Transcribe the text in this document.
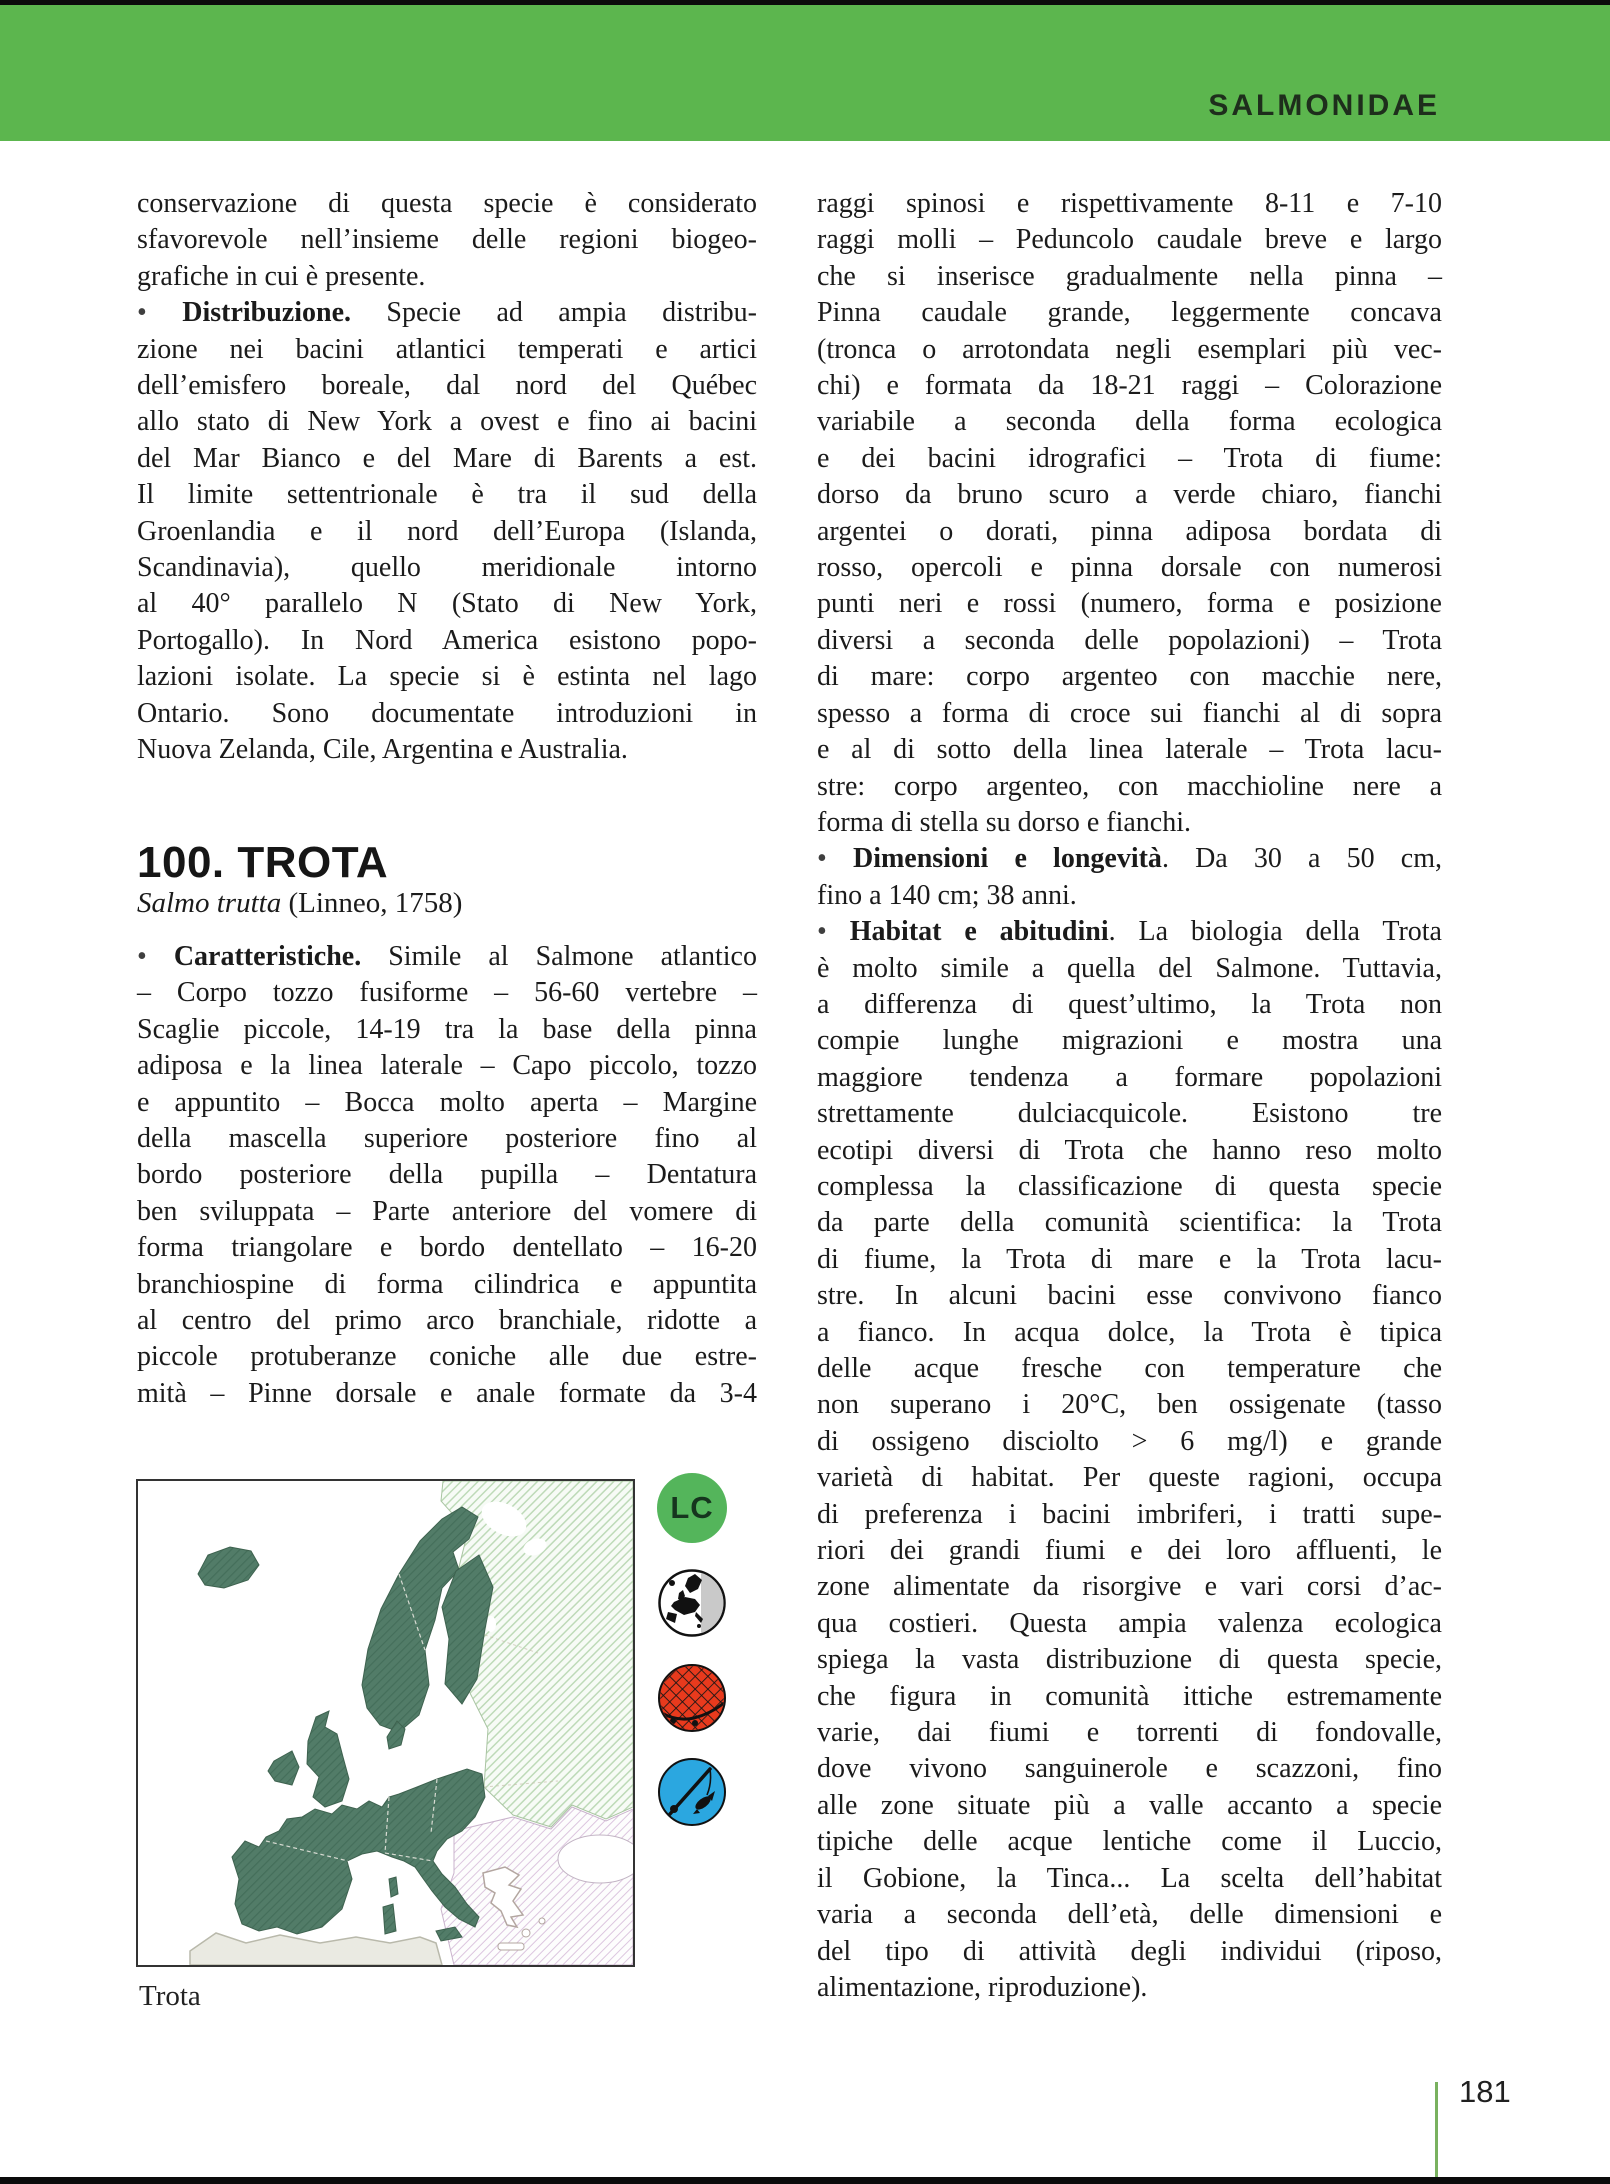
SALMONIDAE
conservazione di questa specie è considerato
sfavorevole nell’insieme delle regioni biogeo-
grafiche in cui è presente.
• Distribuzione. Specie ad ampia distribu-
zione nei bacini atlantici temperati e artici
dell’emisfero boreale, dal nord del Québec
allo stato di New York a ovest e fino ai bacini
del Mar Bianco e del Mare di Barents a est.
Il limite settentrionale è tra il sud della
Groenlandia e il nord dell’Europa (Islanda,
Scandinavia), quello meridionale intorno
al 40° parallelo N (Stato di New York,
Portogallo). In Nord America esistono popo-
lazioni isolate. La specie si è estinta nel lago
Ontario. Sono documentate introduzioni in
Nuova Zelanda, Cile, Argentina e Australia.
100. TROTA
Salmo trutta (Linneo, 1758)
• Caratteristiche. Simile al Salmone atlantico
– Corpo tozzo fusiforme – 56-60 vertebre –
Scaglie piccole, 14-19 tra la base della pinna
adiposa e la linea laterale – Capo piccolo, tozzo
e appuntito – Bocca molto aperta – Margine
della mascella superiore posteriore fino al
bordo posteriore della pupilla – Dentatura
ben sviluppata – Parte anteriore del vomere di
forma triangolare e bordo dentellato – 16-20
branchiospine di forma cilindrica e appuntita
al centro del primo arco branchiale, ridotte a
piccole protuberanze coniche alle due estre-
mità – Pinne dorsale e anale formate da 3-4
raggi spinosi e rispettivamente 8-11 e 7-10
raggi molli – Peduncolo caudale breve e largo
che si inserisce gradualmente nella pinna –
Pinna caudale grande, leggermente concava
(tronca o arrotondata negli esemplari più vec-
chi) e formata da 18-21 raggi – Colorazione
variabile a seconda della forma ecologica
e dei bacini idrografici – Trota di fiume:
dorso da bruno scuro a verde chiaro, fianchi
argentei o dorati, pinna adiposa bordata di
rosso, opercoli e pinna dorsale con numerosi
punti neri e rossi (numero, forma e posizione
diversi a seconda delle popolazioni) – Trota
di mare: corpo argenteo con macchie nere,
spesso a forma di croce sui fianchi al di sopra
e al di sotto della linea laterale – Trota lacu-
stre: corpo argenteo, con macchioline nere a
forma di stella su dorso e fianchi.
• Dimensioni e longevità. Da 30 a 50 cm,
fino a 140 cm; 38 anni.
• Habitat e abitudini. La biologia della Trota
è molto simile a quella del Salmone. Tuttavia,
a differenza di quest’ultimo, la Trota non
compie lunghe migrazioni e mostra una
maggiore tendenza a formare popolazioni
strettamente dulciacquicole. Esistono tre
ecotipi diversi di Trota che hanno reso molto
complessa la classificazione di questa specie
da parte della comunità scientifica: la Trota
di fiume, la Trota di mare e la Trota lacu-
stre. In alcuni bacini esse convivono fianco
a fianco. In acqua dolce, la Trota è tipica
delle acque fresche con temperature che
non superano i 20°C, ben ossigenate (tasso
di ossigeno disciolto > 6 mg/l) e grande
varietà di habitat. Per queste ragioni, occupa
di preferenza i bacini imbriferi, i tratti supe-
riori dei grandi fiumi e dei loro affluenti, le
zone alimentate da risorgive e vari corsi d’ac-
qua costieri. Questa ampia valenza ecologica
spiega la vasta distribuzione di questa specie,
che figura in comunità ittiche estremamente
varie, dai fiumi e torrenti di fondovalle,
dove vivono sanguinerole e scazzoni, fino
alle zone situate più a valle accanto a specie
tipiche delle acque lentiche come il Luccio,
il Gobione, la Tinca... La scelta dell’habitat
varia a seconda dell’età, delle dimensioni e
del tipo di attività degli individui (riposo,
alimentazione, riproduzione).
Trota
LC
181
